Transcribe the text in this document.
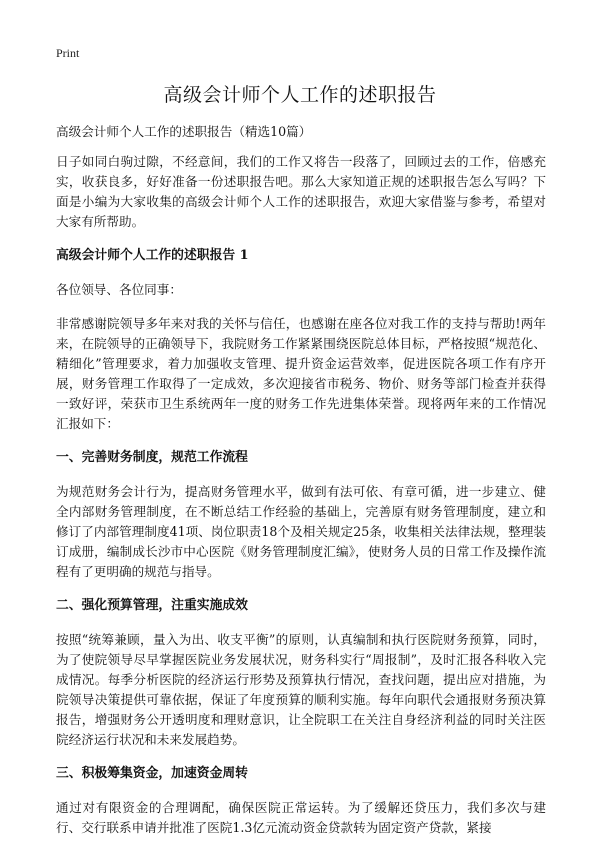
Print
高级会计师个人工作的述职报告

高级会计师个人工作的述职报告（精选10篇）

日子如同白驹过隙，不经意间，我们的工作又将告一段落了，回顾过去的工作，倍感充实，收获良多，好好准备一份述职报告吧。那么大家知道正规的述职报告怎么写吗？下面是小编为大家收集的高级会计师个人工作的述职报告，欢迎大家借鉴与参考，希望对大家有所帮助。

高级会计师个人工作的述职报告 1

各位领导、各位同事：

非常感谢院领导多年来对我的关怀与信任，也感谢在座各位对我工作的支持与帮助!两年来，在院领导的正确领导下，我院财务工作紧紧围绕医院总体目标，严格按照“规范化、精细化”管理要求，着力加强收支管理、提升资金运营效率，促进医院各项工作有序开展，财务管理工作取得了一定成效，多次迎接省市税务、物价、财务等部门检查并获得一致好评，荣获市卫生系统两年一度的财务工作先进集体荣誉。现将两年来的工作情况汇报如下：

一、完善财务制度，规范工作流程

为规范财务会计行为，提高财务管理水平，做到有法可依、有章可循，进一步建立、健全内部财务管理制度，在不断总结工作经验的基础上，完善原有财务管理制度，建立和修订了内部管理制度41项、岗位职责18个及相关规定25条，收集相关法律法规，整理装订成册，编制成长沙市中心医院《财务管理制度汇编》，使财务人员的日常工作及操作流程有了更明确的规范与指导。

二、强化预算管理，注重实施成效

按照“统筹兼顾，量入为出、收支平衡”的原则，认真编制和执行医院财务预算，同时，为了使院领导尽早掌握医院业务发展状况，财务科实行“周报制”，及时汇报各科收入完成情况。每季分析医院的经济运行形势及预算执行情况，查找问题，提出应对措施，为院领导决策提供可靠依据，保证了年度预算的顺利实施。每年向职代会通报财务预决算报告，增强财务公开透明度和理财意识，让全院职工在关注自身经济利益的同时关注医院经济运行状况和未来发展趋势。

三、积极筹集资金，加速资金周转

通过对有限资金的合理调配，确保医院正常运转。为了缓解还贷压力，我们多次与建行、交行联系申请并批准了医院1.3亿元流动资金贷款转为固定资产贷款，紧接
